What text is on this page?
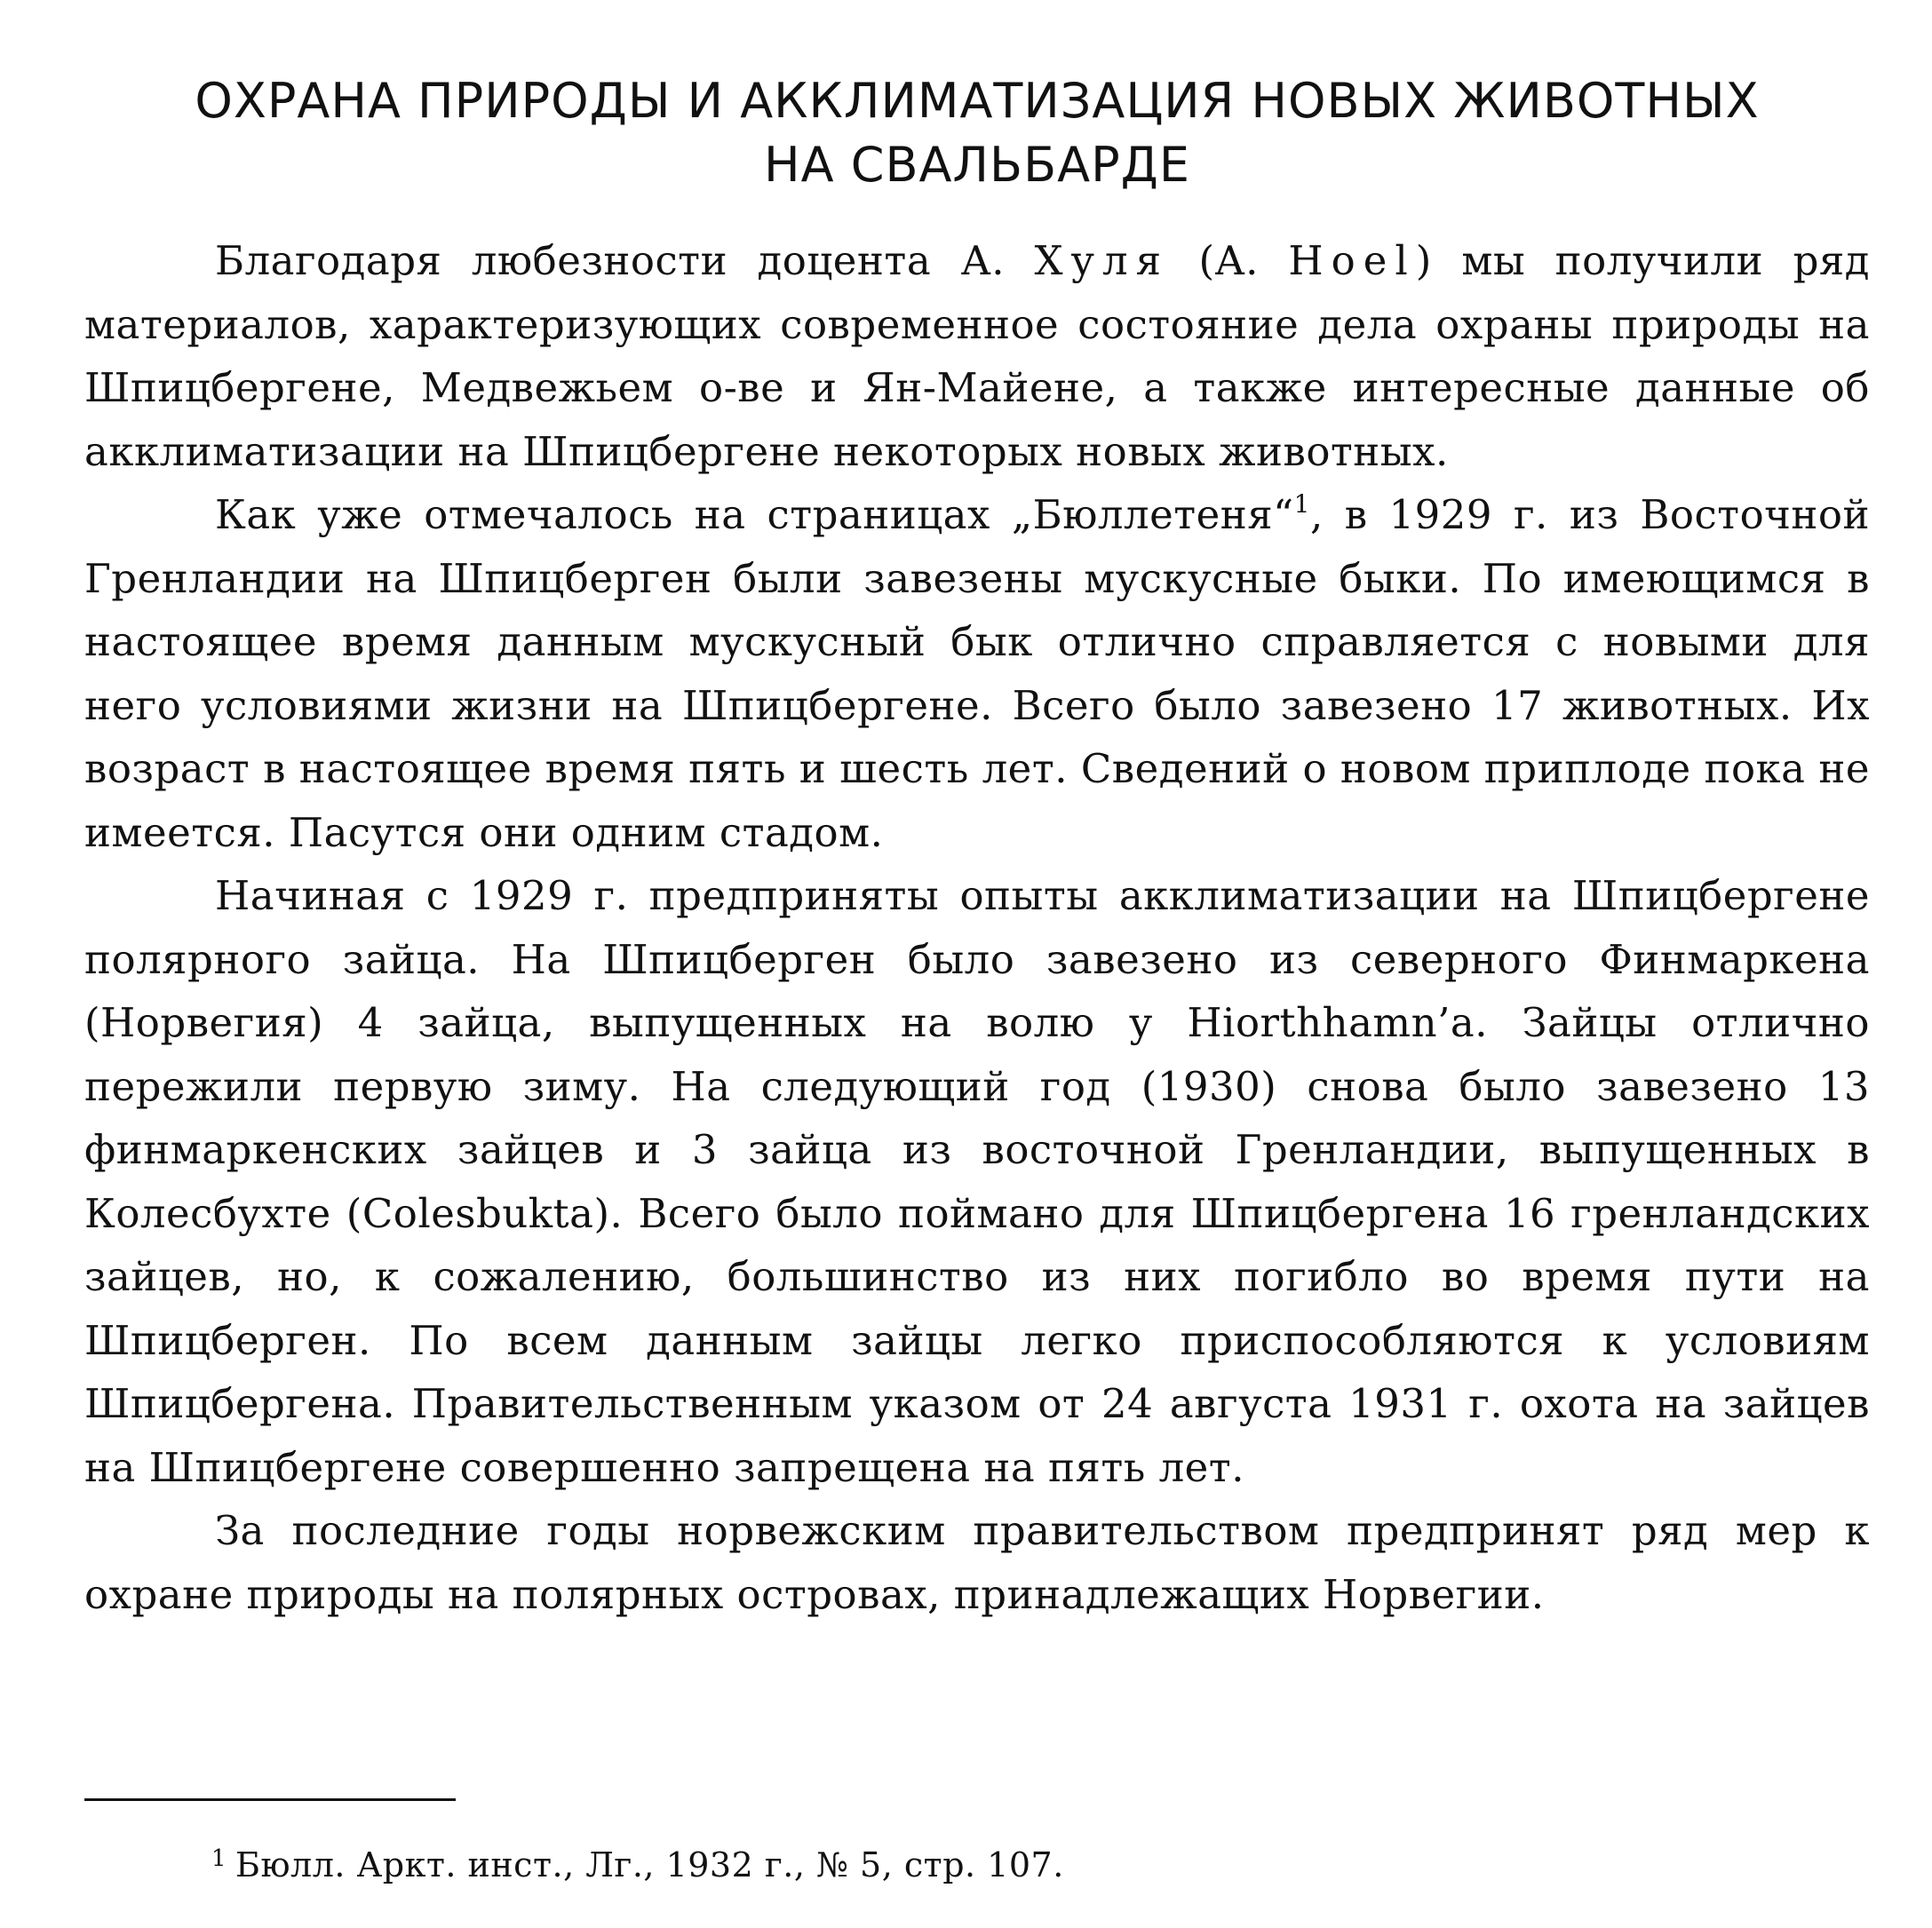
ОХРАНА ПРИРОДЫ И АККЛИМАТИЗАЦИЯ НОВЫХ ЖИВОТНЫХ
НА СВАЛЬБАРДЕ

Благодаря любезности доцента А. Хуля (А. Hoel) мы получили ряд материалов, характеризующих современное состояние дела охраны природы на Шпицбергене, Медвежьем о-ве и Ян-Майене, а также интересные данные об акклиматизации на Шпицбергене некоторых новых животных.

Как уже отмечалось на страницах „Бюллетеня“$^1$, в 1929 г. из Восточной Гренландии на Шпицберген были завезены мускусные быки. По имеющимся в настоящее время данным мускусный бык отлично справляется с новыми для него условиями жизни на Шпицбергене. Всего было завезено 17 животных. Их возраст в настоящее время пять и шесть лет. Сведений о новом приплоде пока не имеется. Пасутся они одним стадом.

Начиная с 1929 г. предприняты опыты акклиматизации на Шпицбергене полярного зайца. На Шпицберген было завезено из северного Финмаркена (Норвегия) 4 зайца, выпущенных на волю у Hiorthhamn’a. Зайцы отлично пережили первую зиму. На следующий год (1930) снова было завезено 13 финмаркенских зайцев и 3 зайца из восточной Гренландии, выпущенных в Колесбухте (Colesbukta). Всего было поймано для Шпицбергена 16 гренландских зайцев, но, к сожалению, большинство из них погибло во время пути на Шпицберген. По всем данным зайцы легко приспособляются к условиям Шпицбергена. Правительственным указом от 24 августа 1931 г. охота на зайцев на Шпицбергене совершенно запрещена на пять лет.

За последние годы норвежским правительством предпринят ряд мер к охране природы на полярных островах, принадлежащих Норвегии.

$^1$ Бюлл. Аркт. инст., Лг., 1932 г., № 5, стр. 107.
